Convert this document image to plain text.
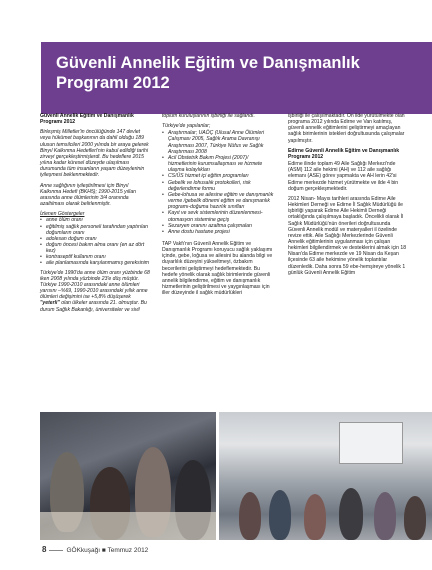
Güvenli Annelik Eğitim ve Danışmanlık Programı 2012

Güvenli Annelik Eğitim ve Danışmanlık Programı 2012

Birleşmiş Milletler'in öncülüğünde 147 devlet veya hükümet başkanının da dahil olduğu 189 ulusun temsilcileri 2000 yılında bir araya gelerek Binyıl Kalkınma Hedefleri'nin kabul edildiği tarihi zirveyi gerçekleştirmişlerdi. Bu hedeflere 2015 yılına kadar küresel düzeyde ulaşılması durumunda tüm insanların yaşam düzeylerinin iyileşmesi beklenmektedir.

Anne sağlığının iyileştirilmesi için Binyıl Kalkınma Hedefi (BKH5); 1990-2015 yılları arasında anne ölümlerinin 3/4 oranında azaltılması olarak belirlenmiştir.

İzlenen Göstergeler
• anne ölüm oranı
• eğitilmiş sağlık personeli tarafından yaptırılan doğumların oranı
• adolesan doğum oranı
• doğum öncesi bakım alma oranı (en az dört kez)
• kontraseptif kullanım oranı
• aile planlamasında karşılanmamış gereksinim

Türkiye'de 1990'da anne ölüm oranı yüzbinde 68 iken 2008 yılında yüzbinde 23'e düş müştür. Türkiye 1990-2010 arasındaki anne ölümleri yarısını –%69, 1990-2010 arasındaki yıllık anne ölümleri değişimini ise +5,8% düşüşerek "yeterli" olan ülkeler arasında 21. olmuştur. Bu durum Sağlık Bakanlığı, üniversiteler ve sivil

toplum kuruluşlarının işbirliği ile sağlandı.

Türkiye'de yapılanlar;

• Araştırmalar; UAÖÇ (Ulusal Anne Ölümleri Çalışması 2005, Sağlık Arama Davranışı Araştırması 2007, Türkiye Nüfus ve Sağlık Araştırması 2008
• Acil Obstetrik Bakım Projesi (2007)/ hizmetlerinin kurumsallaşması ve hizmete ulaşma kolaylıkları
• CS/ÜS hizmet içi eğitim programları
• Gebelik ve lohusalık protokolleri, risk değerlendirme formu
• Gebe-lohusa ve ailesine eğitim ve danışmanlık verme /gebelik dönemi eğitim ve danışmanlık programı-doğuma hazırlık sınıfları
• Kayıt ve sevk sistemlerinin düzenlenmesi-otomasyon sistemine geçiş
• Sezaryen oranını azaltma çalışmaları
• Anne dostu hastane projesi

TAP Vakfı'nın Güvenli Annelik Eğitim ve Danışmanlık Programı koruyucu sağlık yaklaşımı içinde, gebe, loğusa ve ailesini bu alanda bilgi ve duyarlılık düzeyini yükseltmeyi, özbakım becerilerini geliştirmeyi hedeflemektedir. Bu hedefe yönelik olarak sağlık birimlerinde güvenli annelik bilgilendirme, eğitim ve danışmanlık hizmetlerinin geliştirilmesi ve yaygınlaşması için iller düzeyinde il sağlık müdürlükleri

işbirliği ile çalışılmaktadır. On ilde yürütülmekte olan programa 2012 yılında Edirne ve Van katılmış, güvenli annelik eğitimlerini geliştirmeyi amaçlayan sağlık birimlerinin istekleri doğrultusunda çalışmalar yapılmıştır.

Edirne Güvenli Annelik Eğitim ve Danışmanlık Programı 2012

Edirne ilinde toplam 49 Aile Sağlığı Merkezi'nde (ASM) 112 aile hekimi (AH) ve 112 aile sağlığı elemanı (ASE) görev yapmakta ve AH lerin 42'si Edirne merkezde hizmet yürütmekte ve ilde 4 bin doğum gerçekleşmektedir.

2012 Nisan- Mayıs tarihleri arasında Edirne Aile Hekimleri Derneği ve Edirne İl Sağlık Müdürlüğü ile işbirliği yaparak Edirne Aile Hekimli Derneği ortaklığında çalışılmaya başladık. Öncelikli olarak İl Sağlık Müdürlüğü'nün önerileri doğrultusunda Güvenli Annelik modül ve materyalleri il özelinde revize ettik. Aile Sağlığı Merkezlerinde Güvenli Annelik eğitimlerinin uygulanması için çalışan hekimleri bilgilendirmek ve desteklerini almak için 18 Nisan'da Edirne merkezde ve 19 Nisan da Keşan ilçesinde 63 aile hekimine yönelik toplantılar düzenledik. Daha sonra 59 ebe-hemşireye yönelik 1 günlük Güvenli Annelik Eğitim

8	GÖKkuşağı ■ Temmuz 2012
